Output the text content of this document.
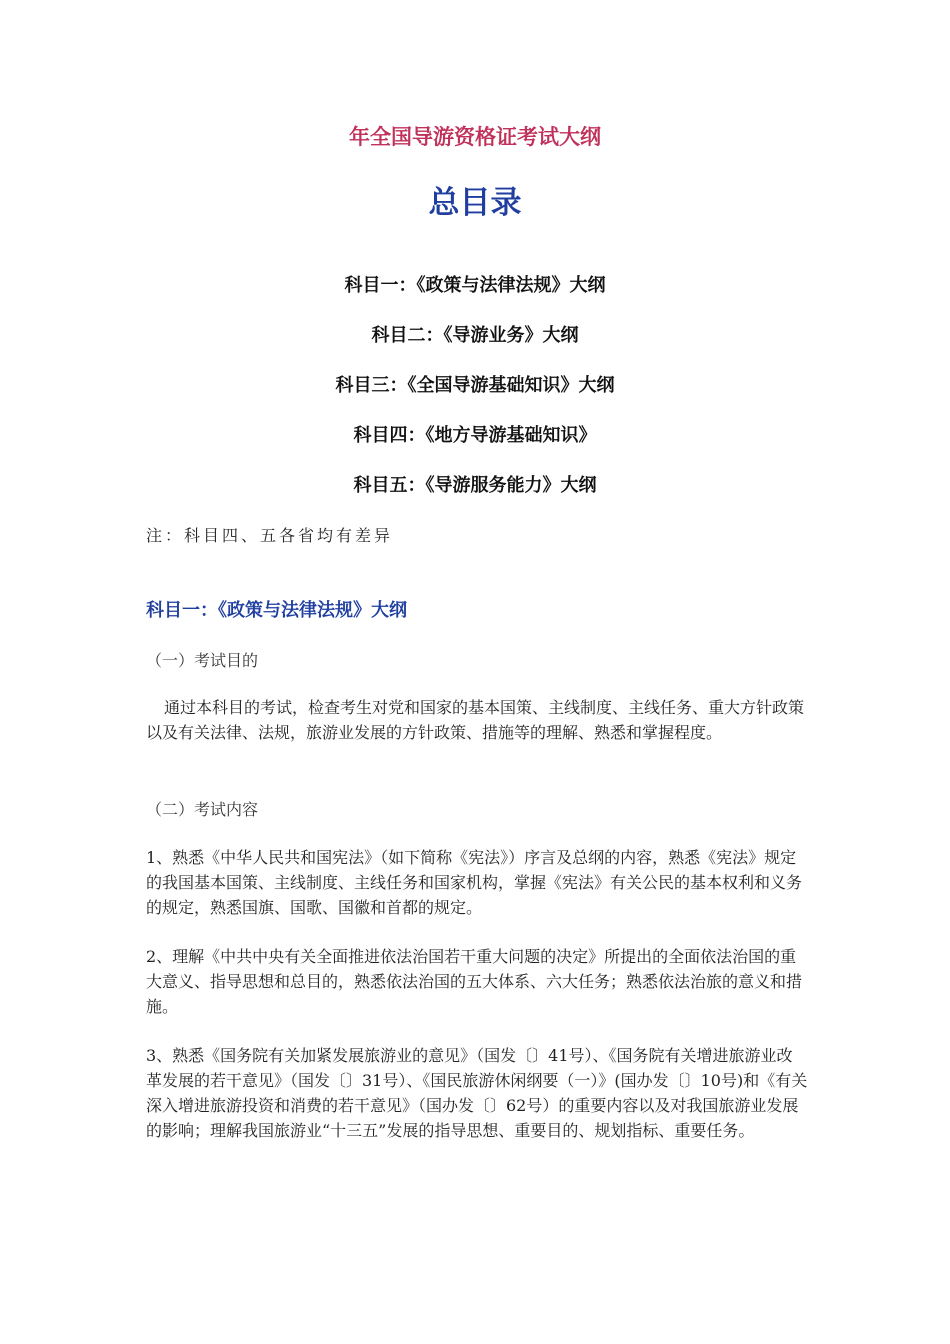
年全国导游资格证考试大纲
总目录
科目一：《政策与法律法规》大纲
科目二：《导游业务》大纲
科目三：《全国导游基础知识》大纲
科目四：《地方导游基础知识》
科目五：《导游服务能力》大纲
注：科目四、五各省均有差异
科目一：《政策与法律法规》大纲
（一）考试目的
通过本科目的考试，检查考生对党和国家的基本国策、主线制度、主线任务、重大方针政策以及有关法律、法规，旅游业发展的方针政策、措施等的理解、熟悉和掌握程度。
（二）考试内容
1、熟悉《中华人民共和国宪法》（如下简称《宪法》）序言及总纲的内容，熟悉《宪法》规定的我国基本国策、主线制度、主线任务和国家机构，掌握《宪法》有关公民的基本权利和义务的规定，熟悉国旗、国歌、国徽和首都的规定。
2、理解《中共中央有关全面推进依法治国若干重大问题的决定》所提出的全面依法治国的重大意义、指导思想和总目的，熟悉依法治国的五大体系、六大任务；熟悉依法治旅的意义和措施。
3、熟悉《国务院有关加紧发展旅游业的意见》（国发〔〕41号）、《国务院有关增进旅游业改革发展的若干意见》（国发〔〕31号）、《国民旅游休闲纲要（一）》(国办发〔〕10号)和《有关深入增进旅游投资和消费的若干意见》（国办发〔〕62号）的重要内容以及对我国旅游业发展的影响；理解我国旅游业“十三五”发展的指导思想、重要目的、规划指标、重要任务。
